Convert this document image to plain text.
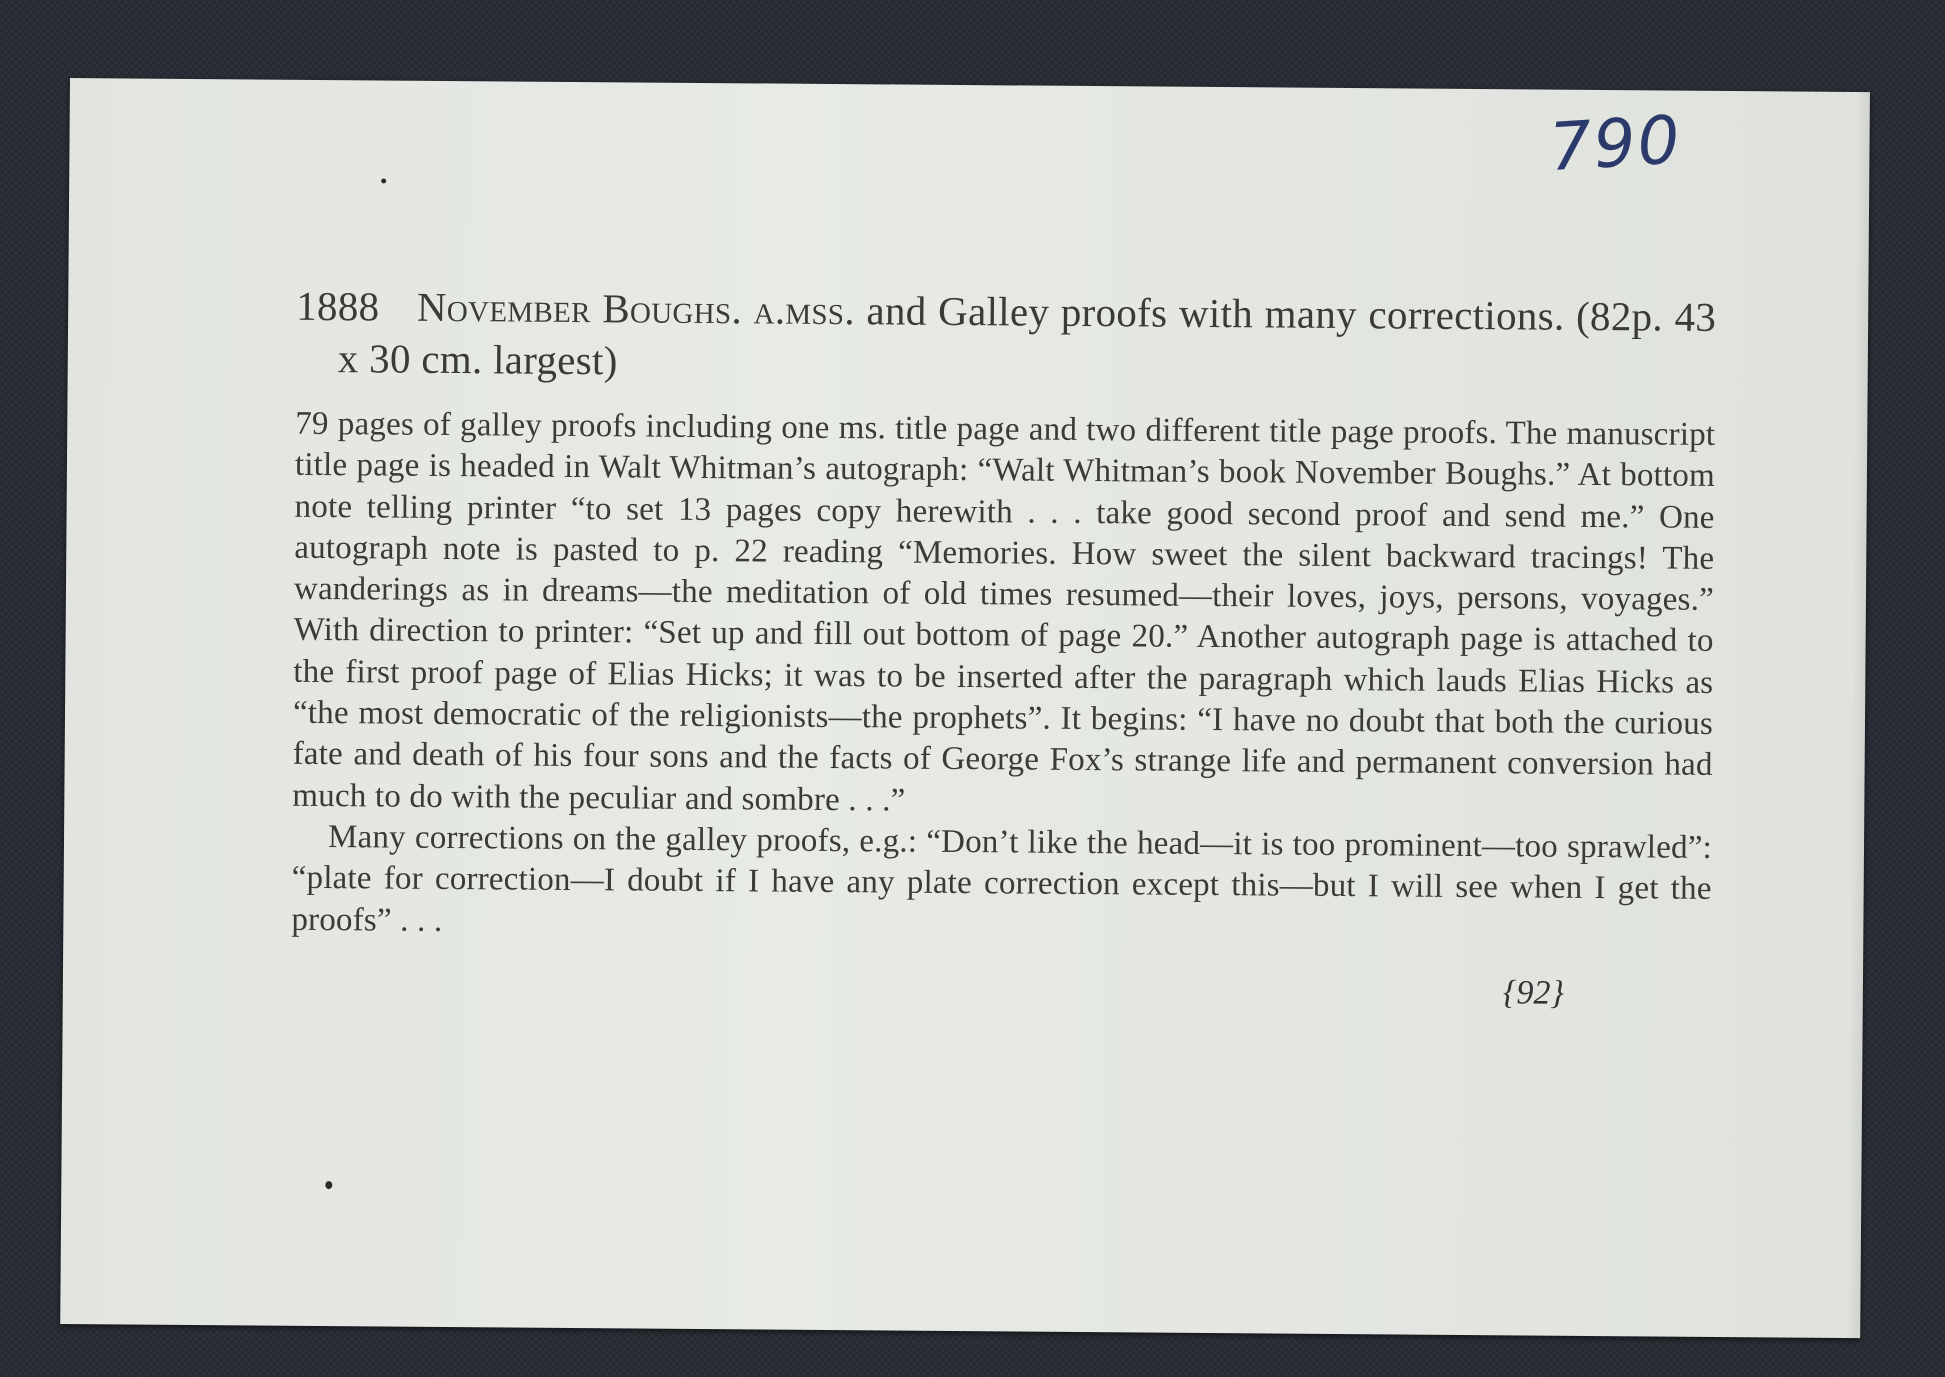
790
1888 November Boughs. a.mss. and Galley proofs with many corrections. (82p. 43 x 30 cm. largest)

79 pages of galley proofs including one ms. title page and two different title page proofs. The manuscript title page is headed in Walt Whitman’s autograph: “Walt Whitman’s book November Boughs.” At bottom note telling printer “to set 13 pages copy herewith . . . take good second proof and send me.” One autograph note is pasted to p. 22 reading “Memories. How sweet the silent backward tracings! The wanderings as in dreams—the meditation of old times resumed—their loves, joys, persons, voyages.” With direction to printer: “Set up and fill out bottom of page 20.” Another autograph page is attached to the first proof page of Elias Hicks; it was to be inserted after the paragraph which lauds Elias Hicks as “the most democratic of the religionists—the prophets”. It begins: “I have no doubt that both the curious fate and death of his four sons and the facts of George Fox’s strange life and permanent conversion had much to do with the peculiar and sombre . . .”

Many corrections on the galley proofs, e.g.: “Don’t like the head—it is too prominent—too sprawled”: “plate for correction—I doubt if I have any plate correction except this—but I will see when I get the proofs” . . .

{92}
